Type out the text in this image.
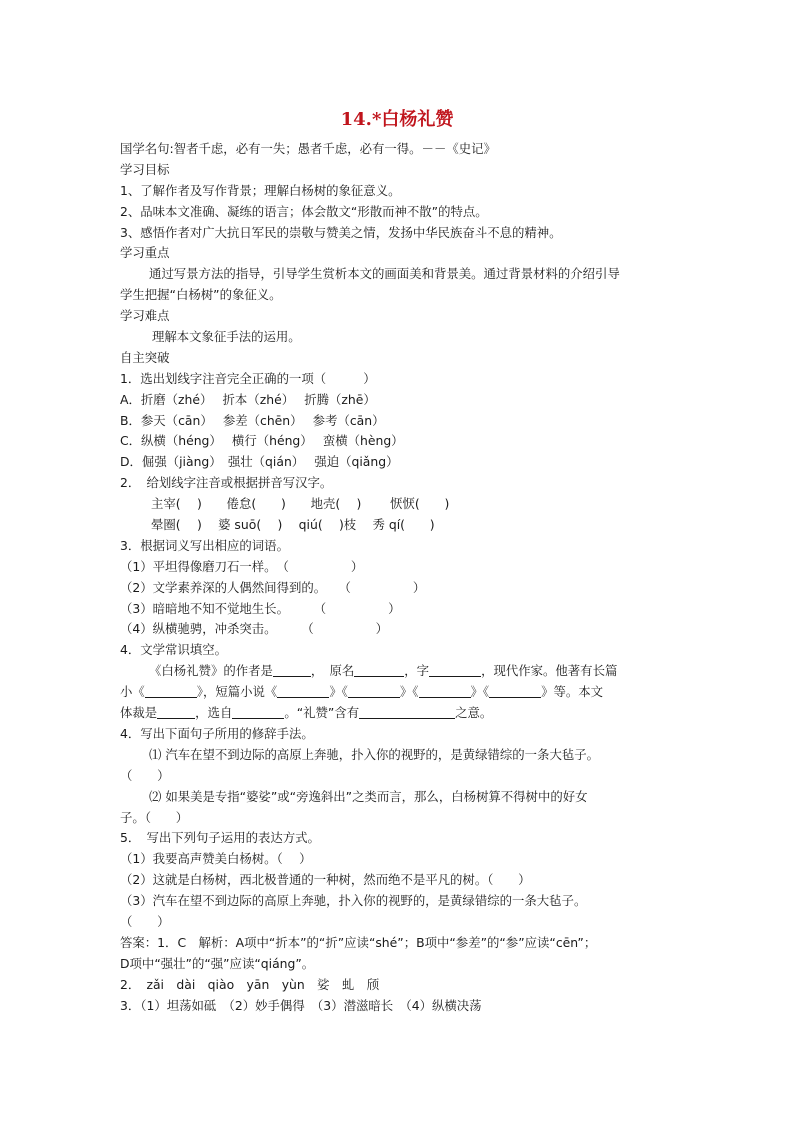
14.*白杨礼赞
国学名句:智者千虑，必有一失；愚者千虑，必有一得。－－《史记》
学习目标
1、了解作者及写作背景；理解白杨树的象征意义。
2、品味本文准确、凝练的语言；体会散文“形散而神不散”的特点。
3、感悟作者对广大抗日军民的崇敬与赞美之情，发扬中华民族奋斗不息的精神。
学习重点
通过写景方法的指导，引导学生赏析本文的画面美和背景美。通过背景材料的介绍引导
学生把握“白杨树”的象征义。
学习难点
理解本文象征手法的运用。
自主突破
1．选出划线字注音完全正确的一项（　　　）
A．折磨（zhé）　 折本（zhé）　 折腾（zhē）
B．参天（cān）　 参差（chēn）　 参考（cān）
C．纵横（héng）　 横行（héng）　 蛮横（hèng）
D．倔强（jiàng）　强壮（qián）　 强迫（qiǎng）
2．　给划线字注音或根据拼音写汉字。
主宰(　 )　　倦怠(　　)　　地壳(　 )　　 恹恹(　　)
晕圈(　 )　 婆 suō(　 )　 qiú(　 )枝　 秀 qí(　　)
3．根据词义写出相应的词语。
（1）平坦得像磨刀石一样。　（　　　　　）
（2）文学素养深的人偶然间得到的。　　（　　　　　）
（3）暗暗地不知不觉地生长。　　　（　　　　　）
（4）纵横驰骋，冲杀突击。　　　（　　　　　）
4．文学常识填空。
《白杨礼赞》的作者是	，　原名	，字	，现代作家。他著有长篇
小《	》，短篇小说《	》《	》《	》《	》等。本文
体裁是	，选自	。“礼赞”含有	之意。
4．写出下面句子所用的修辞手法。
⑴ 汽车在望不到边际的高原上奔驰，扑入你的视野的，是黄绿错综的一条大毡子。
（　　）
⑵ 如果美是专指“婆娑”或“旁逸斜出”之类而言，那么，白杨树算不得树中的好女
子。（　　）
5．　写出下列句子运用的表达方式。
（1）我要高声赞美白杨树。（　 ）
（2）这就是白杨树，西北极普通的一种树，然而绝不是平凡的树。（　　）
（3）汽车在望不到边际的高原上奔驰，扑入你的视野的，是黄绿错综的一条大毡子。
（　　）
答案：1．C　解析：A项中“折本”的“折”应读“shé”；B项中“参差”的“参”应读“cēn”；
D项中“强壮”的“强”应读“qiáng”。
2．　zǎi　dài　qiào　yān　yùn　娑　虬　颀
3．（1）坦荡如砥　（2）妙手偶得　（3）潜滋暗长　（4）纵横决荡
